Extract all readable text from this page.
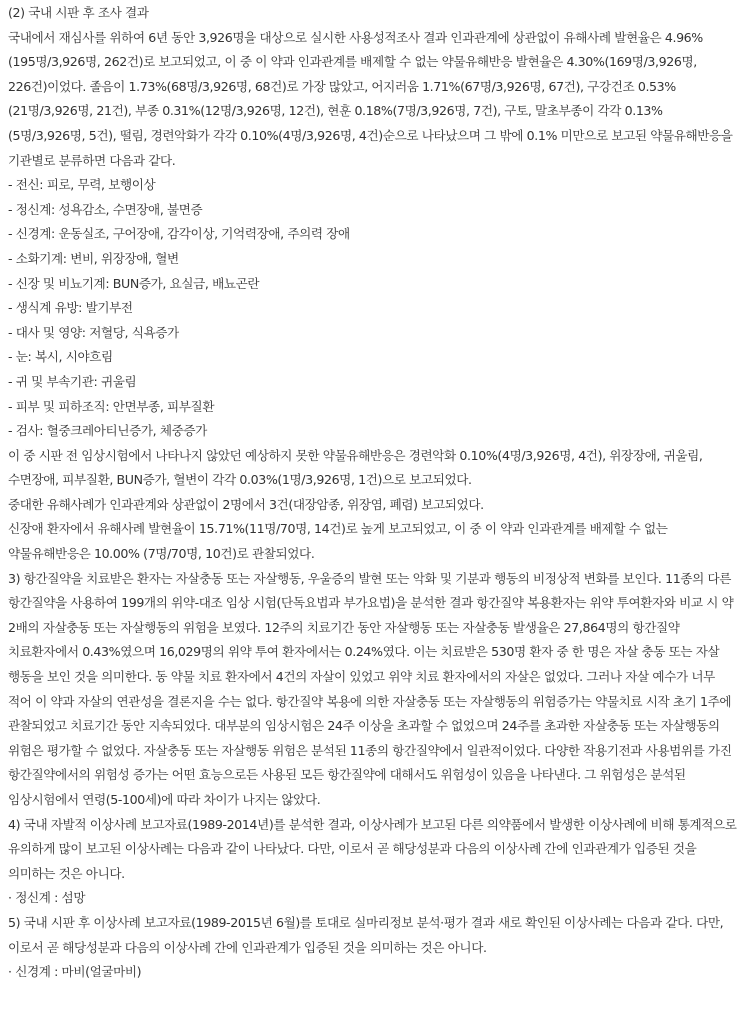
(2) 국내 시판 후 조사 결과

국내에서 재심사를 위하여 6년 동안 3,926명을 대상으로 실시한 사용성적조사 결과 인과관계에 상관없이 유해사례 발현율은 4.96%(195명/3,926명, 262건)로 보고되었고, 이 중 이 약과 인과관계를 배제할 수 없는 약물유해반응 발현율은 4.30%(169명/3,926명, 226건)이었다. 졸음이 1.73%(68명/3,926명, 68건)로 가장 많았고, 어지러움 1.71%(67명/3,926명, 67건), 구강건조 0.53%(21명/3,926명, 21건), 부종 0.31%(12명/3,926명, 12건), 현훈 0.18%(7명/3,926명, 7건), 구토, 말초부종이 각각 0.13%(5명/3,926명, 5건), 떨림, 경련악화가 각각 0.10%(4명/3,926명, 4건)순으로 나타났으며 그 밖에 0.1% 미만으로 보고된 약물유해반응을 기관별로 분류하면 다음과 같다.

- 전신: 피로, 무력, 보행이상

- 정신계: 성욕감소, 수면장애, 불면증

- 신경계: 운동실조, 구어장애, 감각이상, 기억력장애, 주의력 장애

- 소화기계: 변비, 위장장애, 혈변

- 신장 및 비뇨기계: BUN증가, 요실금, 배뇨곤란

- 생식계 유방: 발기부전

- 대사 및 영양: 저혈당, 식욕증가

- 눈: 복시, 시야흐림

- 귀 및 부속기관: 귀울림

- 피부 및 피하조직: 안면부종, 피부질환

- 검사: 혈중크레아티닌증가, 체중증가

이 중 시판 전 임상시험에서 나타나지 않았던 예상하지 못한 약물유해반응은 경련악화 0.10%(4명/3,926명, 4건), 위장장애, 귀울림, 수면장애, 피부질환, BUN증가, 혈변이 각각 0.03%(1명/3,926명, 1건)으로 보고되었다.

중대한 유해사례가 인과관계와 상관없이 2명에서 3건(대장암종, 위장염, 폐렴) 보고되었다.

신장애 환자에서 유해사례 발현율이 15.71%(11명/70명, 14건)로 높게 보고되었고, 이 중 이 약과 인과관계를 배제할 수 없는 약물유해반응은 10.00% (7명/70명, 10건)로 관찰되었다.

3) 항간질약을 치료받은 환자는 자살충동 또는 자살행동, 우울증의 발현 또는 악화 및 기분과 행동의 비정상적 변화를 보인다. 11종의 다른 항간질약을 사용하여 199개의 위약-대조 임상 시험(단독요법과 부가요법)을 분석한 결과 항간질약 복용환자는 위약 투여환자와 비교 시 약 2배의 자살충동 또는 자살행동의 위험을 보였다. 12주의 치료기간 동안 자살행동 또는 자살충동 발생율은 27,864명의 항간질약 치료환자에서 0.43%였으며 16,029명의 위약 투여 환자에서는 0.24%였다. 이는 치료받은 530명 환자 중 한 명은 자살 충동 또는 자살 행동을 보인 것을 의미한다. 동 약물 치료 환자에서 4건의 자살이 있었고 위약 치료 환자에서의 자살은 없었다. 그러나 자살 예수가 너무 적어 이 약과 자살의 연관성을 결론지을 수는 없다. 항간질약 복용에 의한 자살충동 또는 자살행동의 위험증가는 약물치료 시작 초기 1주에 관찰되었고 치료기간 동안 지속되었다. 대부분의 임상시험은 24주 이상을 초과할 수 없었으며 24주를 초과한 자살충동 또는 자살행동의 위험은 평가할 수 없었다. 자살충동 또는 자살행동 위험은 분석된 11종의 항간질약에서 일관적이었다. 다양한 작용기전과 사용범위를 가진 항간질약에서의 위험성 증가는 어떤 효능으로든 사용된 모든 항간질약에 대해서도 위험성이 있음을 나타낸다. 그 위험성은 분석된 임상시험에서 연령(5-100세)에 따라 차이가 나지는 않았다.

4) 국내 자발적 이상사례 보고자료(1989-2014년)를 분석한 결과, 이상사례가 보고된 다른 의약품에서 발생한 이상사례에 비해 통계적으로 유의하게 많이 보고된 이상사례는 다음과 같이 나타났다. 다만, 이로서 곧 해당성분과 다음의 이상사례 간에 인과관계가 입증된 것을 의미하는 것은 아니다.

· 정신계 : 섬망

5) 국내 시판 후 이상사례 보고자료(1989-2015년 6월)를 토대로 실마리정보 분석·평가 결과 새로 확인된 이상사례는 다음과 같다. 다만, 이로서 곧 해당성분과 다음의 이상사례 간에 인과관계가 입증된 것을 의미하는 것은 아니다.

· 신경계 : 마비(얼굴마비)
